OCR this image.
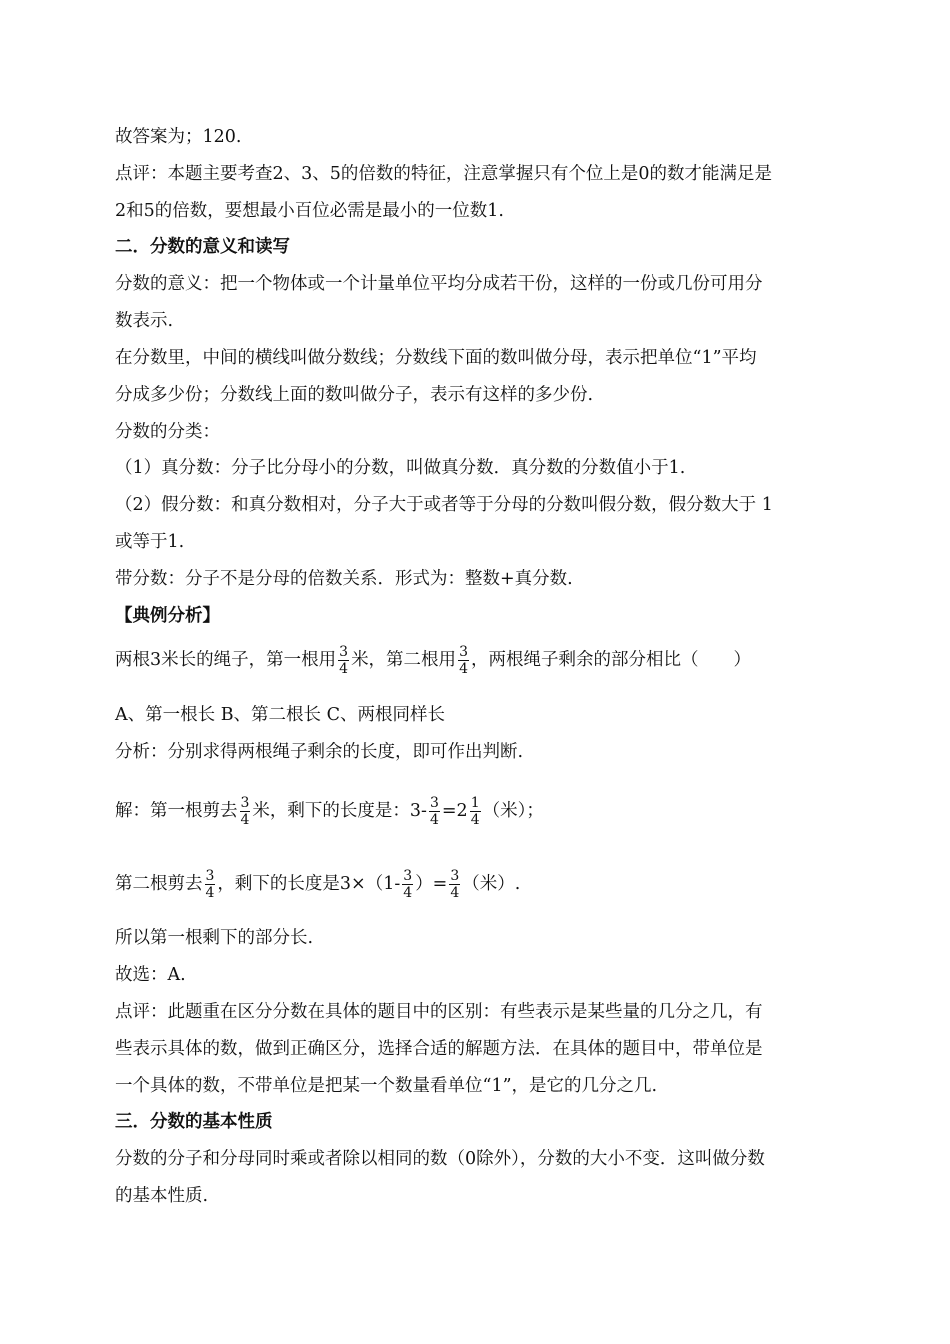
故答案为；120.
点评：本题主要考查2、3、5的倍数的特征，注意掌握只有个位上是0的数才能满足是
2和5的倍数，要想最小百位必需是最小的一位数1.
二．分数的意义和读写
分数的意义：把一个物体或一个计量单位平均分成若干份，这样的一份或几份可用分
数表示.
在分数里，中间的横线叫做分数线；分数线下面的数叫做分母，表示把单位“1”平均
分成多少份；分数线上面的数叫做分子，表示有这样的多少份.
分数的分类：
（1）真分数：分子比分母小的分数，叫做真分数．真分数的分数值小于1.
（2）假分数：和真分数相对，分子大于或者等于分母的分数叫假分数，假分数大于 1
或等于1.
带分数：分子不是分母的倍数关系．形式为：整数+真分数.
【典例分析】
两根3米长的绳子，第一根用 $\frac{3}{4}$ 米，第二根用 $\frac{3}{4}$ ，两根绳子剩余的部分相比（　　）
A、第一根长 B、第二根长 C、两根同样长
分析：分别求得两根绳子剩余的长度，即可作出判断.
解：第一根剪去 $\frac{3}{4}$ 米，剩下的长度是：$3- \frac{3}{4} =2 \frac{1}{4}$ （米）；
第二根剪去 $\frac{3}{4}$ ，剩下的长度是$3\times(1- \frac{3}{4}$ ）= $\frac{3}{4}$ （米）.
所以第一根剩下的部分长.
故选：A.
点评：此题重在区分分数在具体的题目中的区别：有些表示是某些量的几分之几，有
些表示具体的数，做到正确区分，选择合适的解题方法．在具体的题目中，带单位是
一个具体的数，不带单位是把某一个数量看单位“1”，是它的几分之几.
三．分数的基本性质
分数的分子和分母同时乘或者除以相同的数（0除外），分数的大小不变．这叫做分数
的基本性质.
